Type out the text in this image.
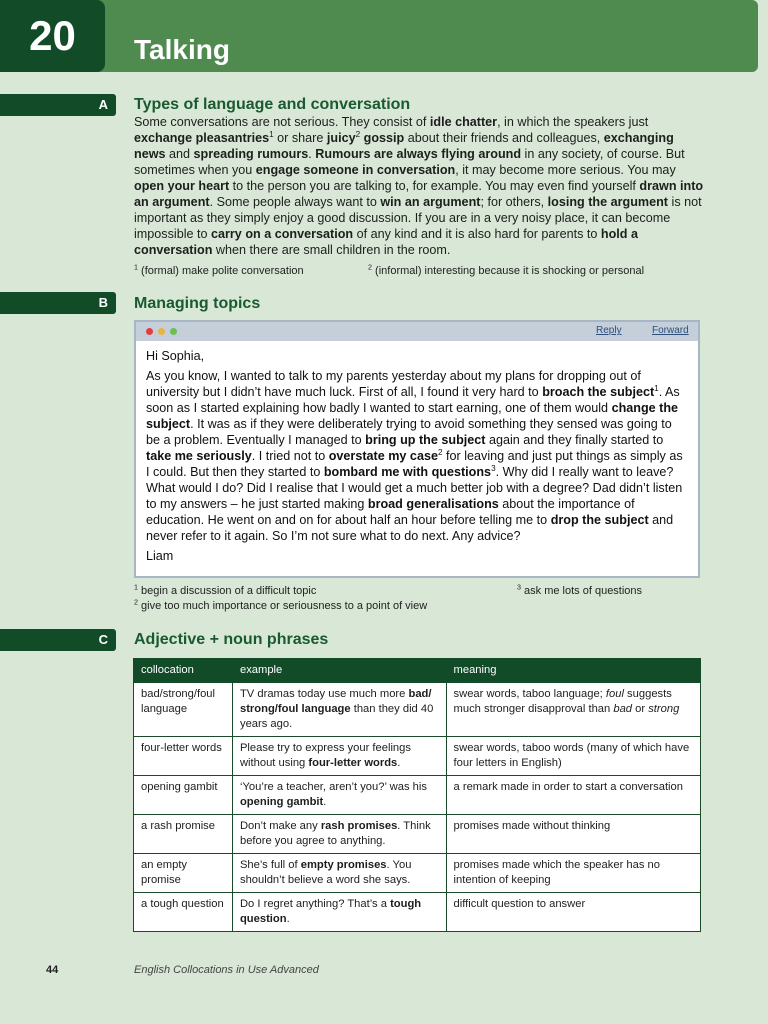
20	Talking
A	Types of language and conversation
Some conversations are not serious. They consist of idle chatter, in which the speakers just exchange pleasantries$^1$ or share juicy$^2$ gossip about their friends and colleagues, exchanging news and spreading rumours. Rumours are always flying around in any society, of course. But sometimes when you engage someone in conversation, it may become more serious. You may open your heart to the person you are talking to, for example. You may even find yourself drawn into an argument. Some people always want to win an argument; for others, losing the argument is not important as they simply enjoy a good discussion. If you are in a very noisy place, it can become impossible to carry on a conversation of any kind and it is also hard for parents to hold a conversation when there are small children in the room.
$^1$ (formal) make polite conversation	$^2$ (informal) interesting because it is shocking or personal
B	Managing topics
Reply	Forward

Hi Sophia,

As you know, I wanted to talk to my parents yesterday about my plans for dropping out of university but I didn’t have much luck. First of all, I found it very hard to broach the subject$^1$. As soon as I started explaining how badly I wanted to start earning, one of them would change the subject. It was as if they were deliberately trying to avoid something they sensed was going to be a problem. Eventually I managed to bring up the subject again and they finally started to take me seriously. I tried not to overstate my case$^2$ for leaving and just put things as simply as I could. But then they started to bombard me with questions$^3$. Why did I really want to leave? What would I do? Did I realise that I would get a much better job with a degree? Dad didn’t listen to my answers – he just started making broad generalisations about the importance of education. He went on and on for about half an hour before telling me to drop the subject and never refer to it again. So I’m not sure what to do next. Any advice?

Liam

$^1$ begin a discussion of a difficult topic
$^2$ give too much importance or seriousness to a point of view
$^3$ ask me lots of questions
C	Adjective + noun phrases
collocation	example	meaning
bad/strong/foul language	TV dramas today use much more bad/ strong/foul language than they did 40 years ago.	swear words, taboo language; foul suggests much stronger disapproval than bad or strong
four-letter words	Please try to express your feelings without using four-letter words.	swear words, taboo words (many of which have four letters in English)
opening gambit	‘You’re a teacher, aren’t you?’ was his opening gambit.	a remark made in order to start a conversation
a rash promise	Don’t make any rash promises. Think before you agree to anything.	promises made without thinking
an empty promise	She’s full of empty promises. You shouldn’t believe a word she says.	promises made which the speaker has no intention of keeping
a tough question	Do I regret anything? That’s a tough question.	difficult question to answer
44	English Collocations in Use Advanced
